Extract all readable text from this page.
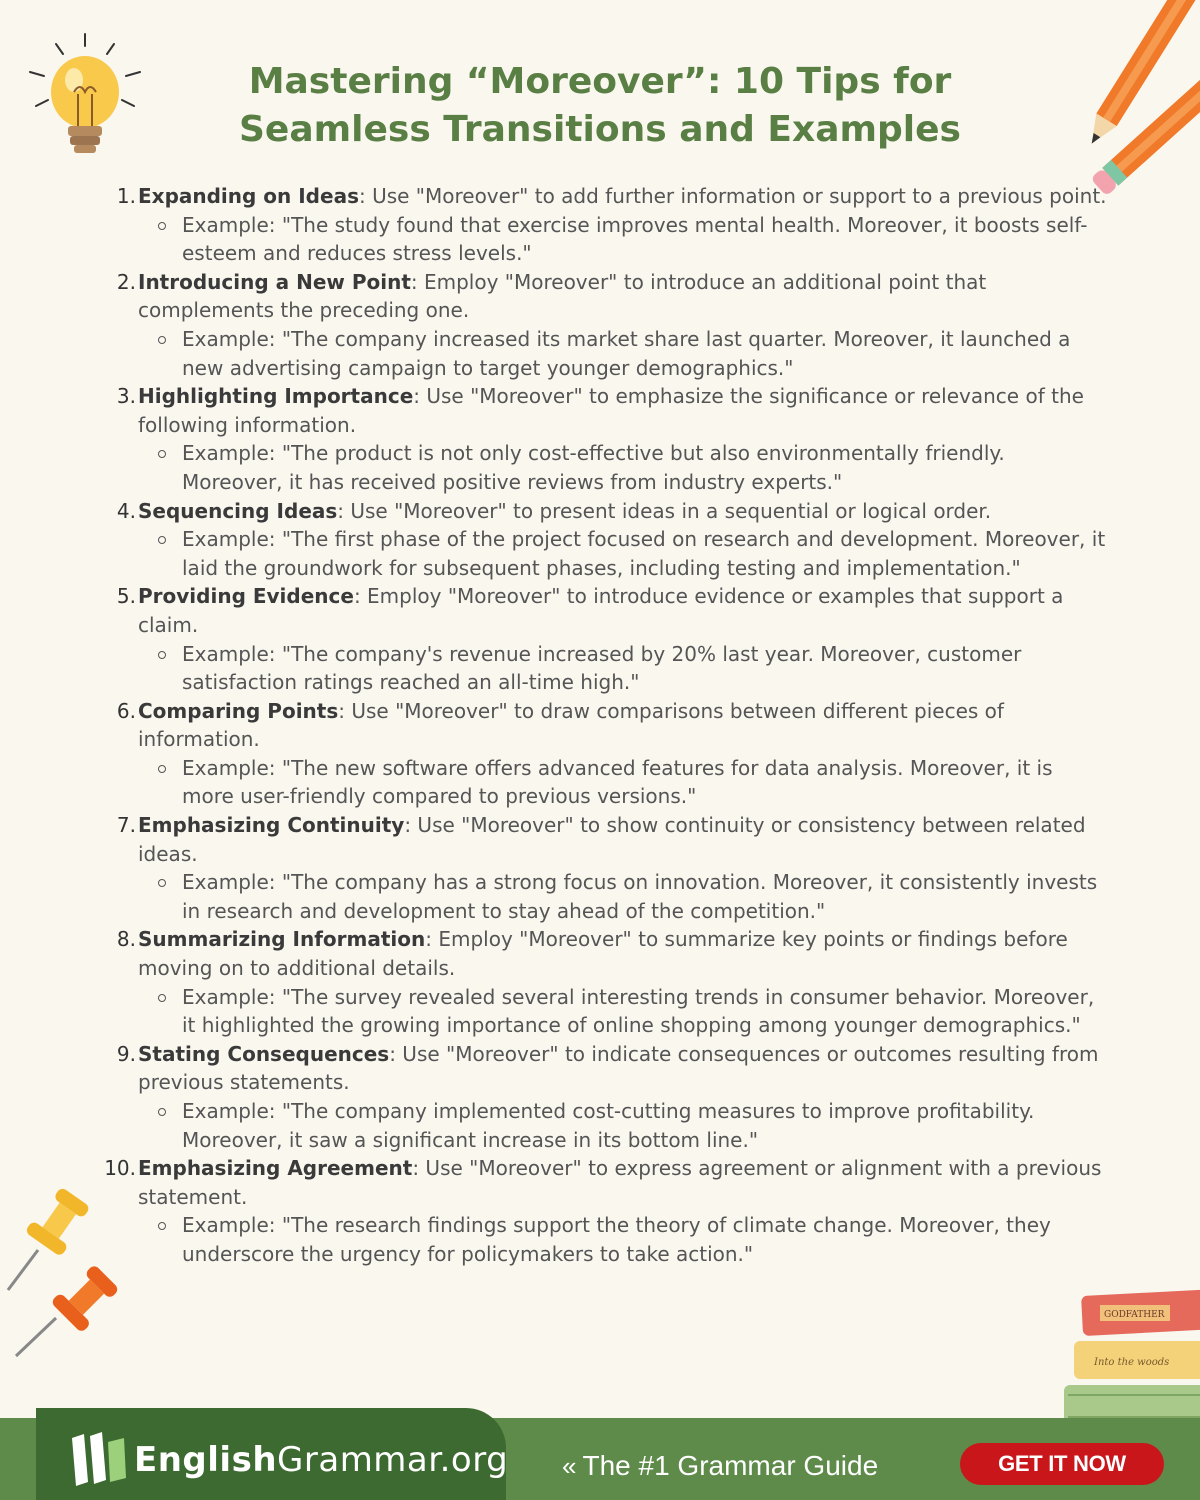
Mastering “Moreover”: 10 Tips for Seamless Transitions and Examples
1. Expanding on Ideas: Use "Moreover" to add further information or support to a previous point.
Example: "The study found that exercise improves mental health. Moreover, it boosts self-esteem and reduces stress levels."
2. Introducing a New Point: Employ "Moreover" to introduce an additional point that complements the preceding one.
Example: "The company increased its market share last quarter. Moreover, it launched a new advertising campaign to target younger demographics."
3. Highlighting Importance: Use "Moreover" to emphasize the significance or relevance of the following information.
Example: "The product is not only cost-effective but also environmentally friendly. Moreover, it has received positive reviews from industry experts."
4. Sequencing Ideas: Use "Moreover" to present ideas in a sequential or logical order.
Example: "The first phase of the project focused on research and development. Moreover, it laid the groundwork for subsequent phases, including testing and implementation."
5. Providing Evidence: Employ "Moreover" to introduce evidence or examples that support a claim.
Example: "The company's revenue increased by 20% last year. Moreover, customer satisfaction ratings reached an all-time high."
6. Comparing Points: Use "Moreover" to draw comparisons between different pieces of information.
Example: "The new software offers advanced features for data analysis. Moreover, it is more user-friendly compared to previous versions."
7. Emphasizing Continuity: Use "Moreover" to show continuity or consistency between related ideas.
Example: "The company has a strong focus on innovation. Moreover, it consistently invests in research and development to stay ahead of the competition."
8. Summarizing Information: Employ "Moreover" to summarize key points or findings before moving on to additional details.
Example: "The survey revealed several interesting trends in consumer behavior. Moreover, it highlighted the growing importance of online shopping among younger demographics."
9. Stating Consequences: Use "Moreover" to indicate consequences or outcomes resulting from previous statements.
Example: "The company implemented cost-cutting measures to improve profitability. Moreover, it saw a significant increase in its bottom line."
10. Emphasizing Agreement: Use "Moreover" to express agreement or alignment with a previous statement.
Example: "The research findings support the theory of climate change. Moreover, they underscore the urgency for policymakers to take action."
GODFATHER
Into the woods
EnglishGrammar.org « The #1 Grammar Guide	GET IT NOW
